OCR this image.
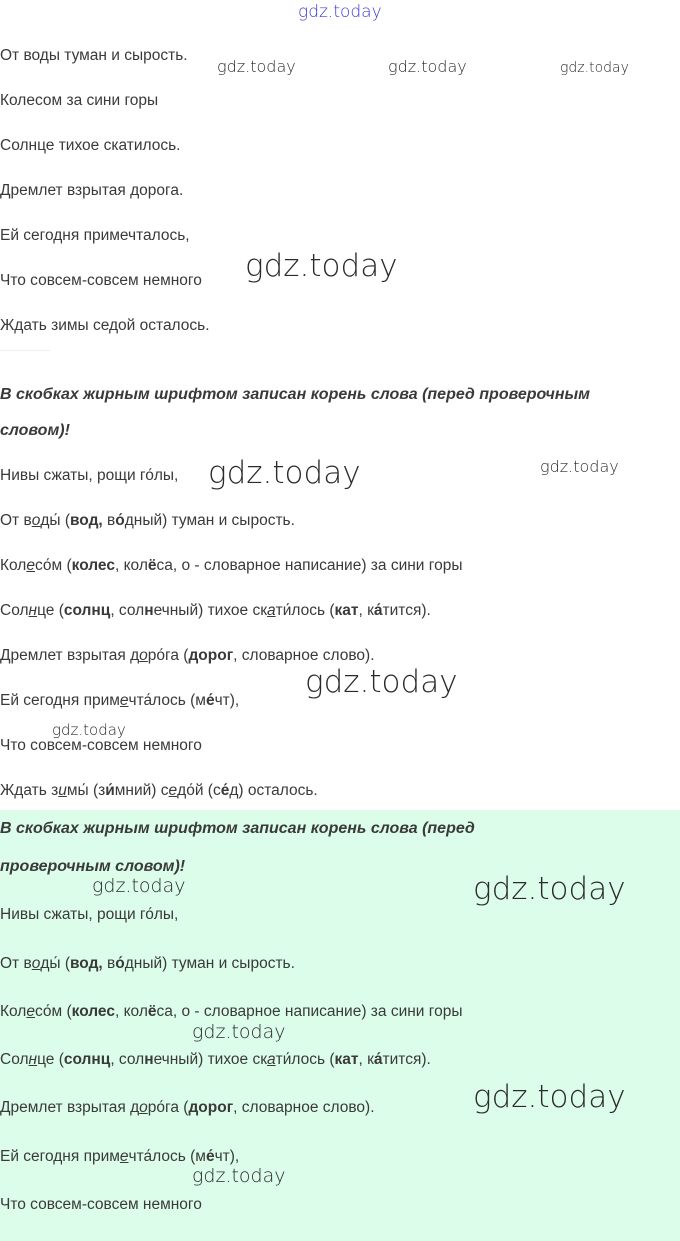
gdz.today
От воды туман и сырость.
Колесом за сини горы
Солнце тихое скатилось.
Дремлет взрытая дорога.
Ей сегодня примечталось,
Что совсем-совсем немного
Ждать зимы седой осталось.
gdz.today	gdz.today	gdz.today
gdz.today
В скобках жирным шрифтом записан корень слова (перед проверочным
словом)!
Нивы сжаты, рощи го́лы, gdz.today	gdz.today
От воды́ (вод, во́дный) туман и сырость.
Колесо́м (колес, колёса, о - словарное написание) за сини горы
Солнце (солнц, солнечный) тихое скати́лось (кат, ка́тится).
Дремлет взрытая доро́га (дорог, словарное слово).
Ей сегодня примечта́лось (ме́чт),
gdz.today
gdz.today
Что совсем-совсем немного
Ждать зимы́ (зи́мний) седо́й (се́д) осталось.
В скобках жирным шрифтом записан корень слова (перед
проверочным словом)!
gdz.today	gdz.today
Нивы сжаты, рощи го́лы,
От воды́ (вод, во́дный) туман и сырость.
Колесо́м (колес, колёса, о - словарное написание) за сини горы
gdz.today
Солнце (солнц, солнечный) тихое скати́лось (кат, ка́тится).
Дремлет взрытая доро́га (дорог, словарное слово).	gdz.today
Ей сегодня примечта́лось (ме́чт),
gdz.today
Что совсем-совсем немного
